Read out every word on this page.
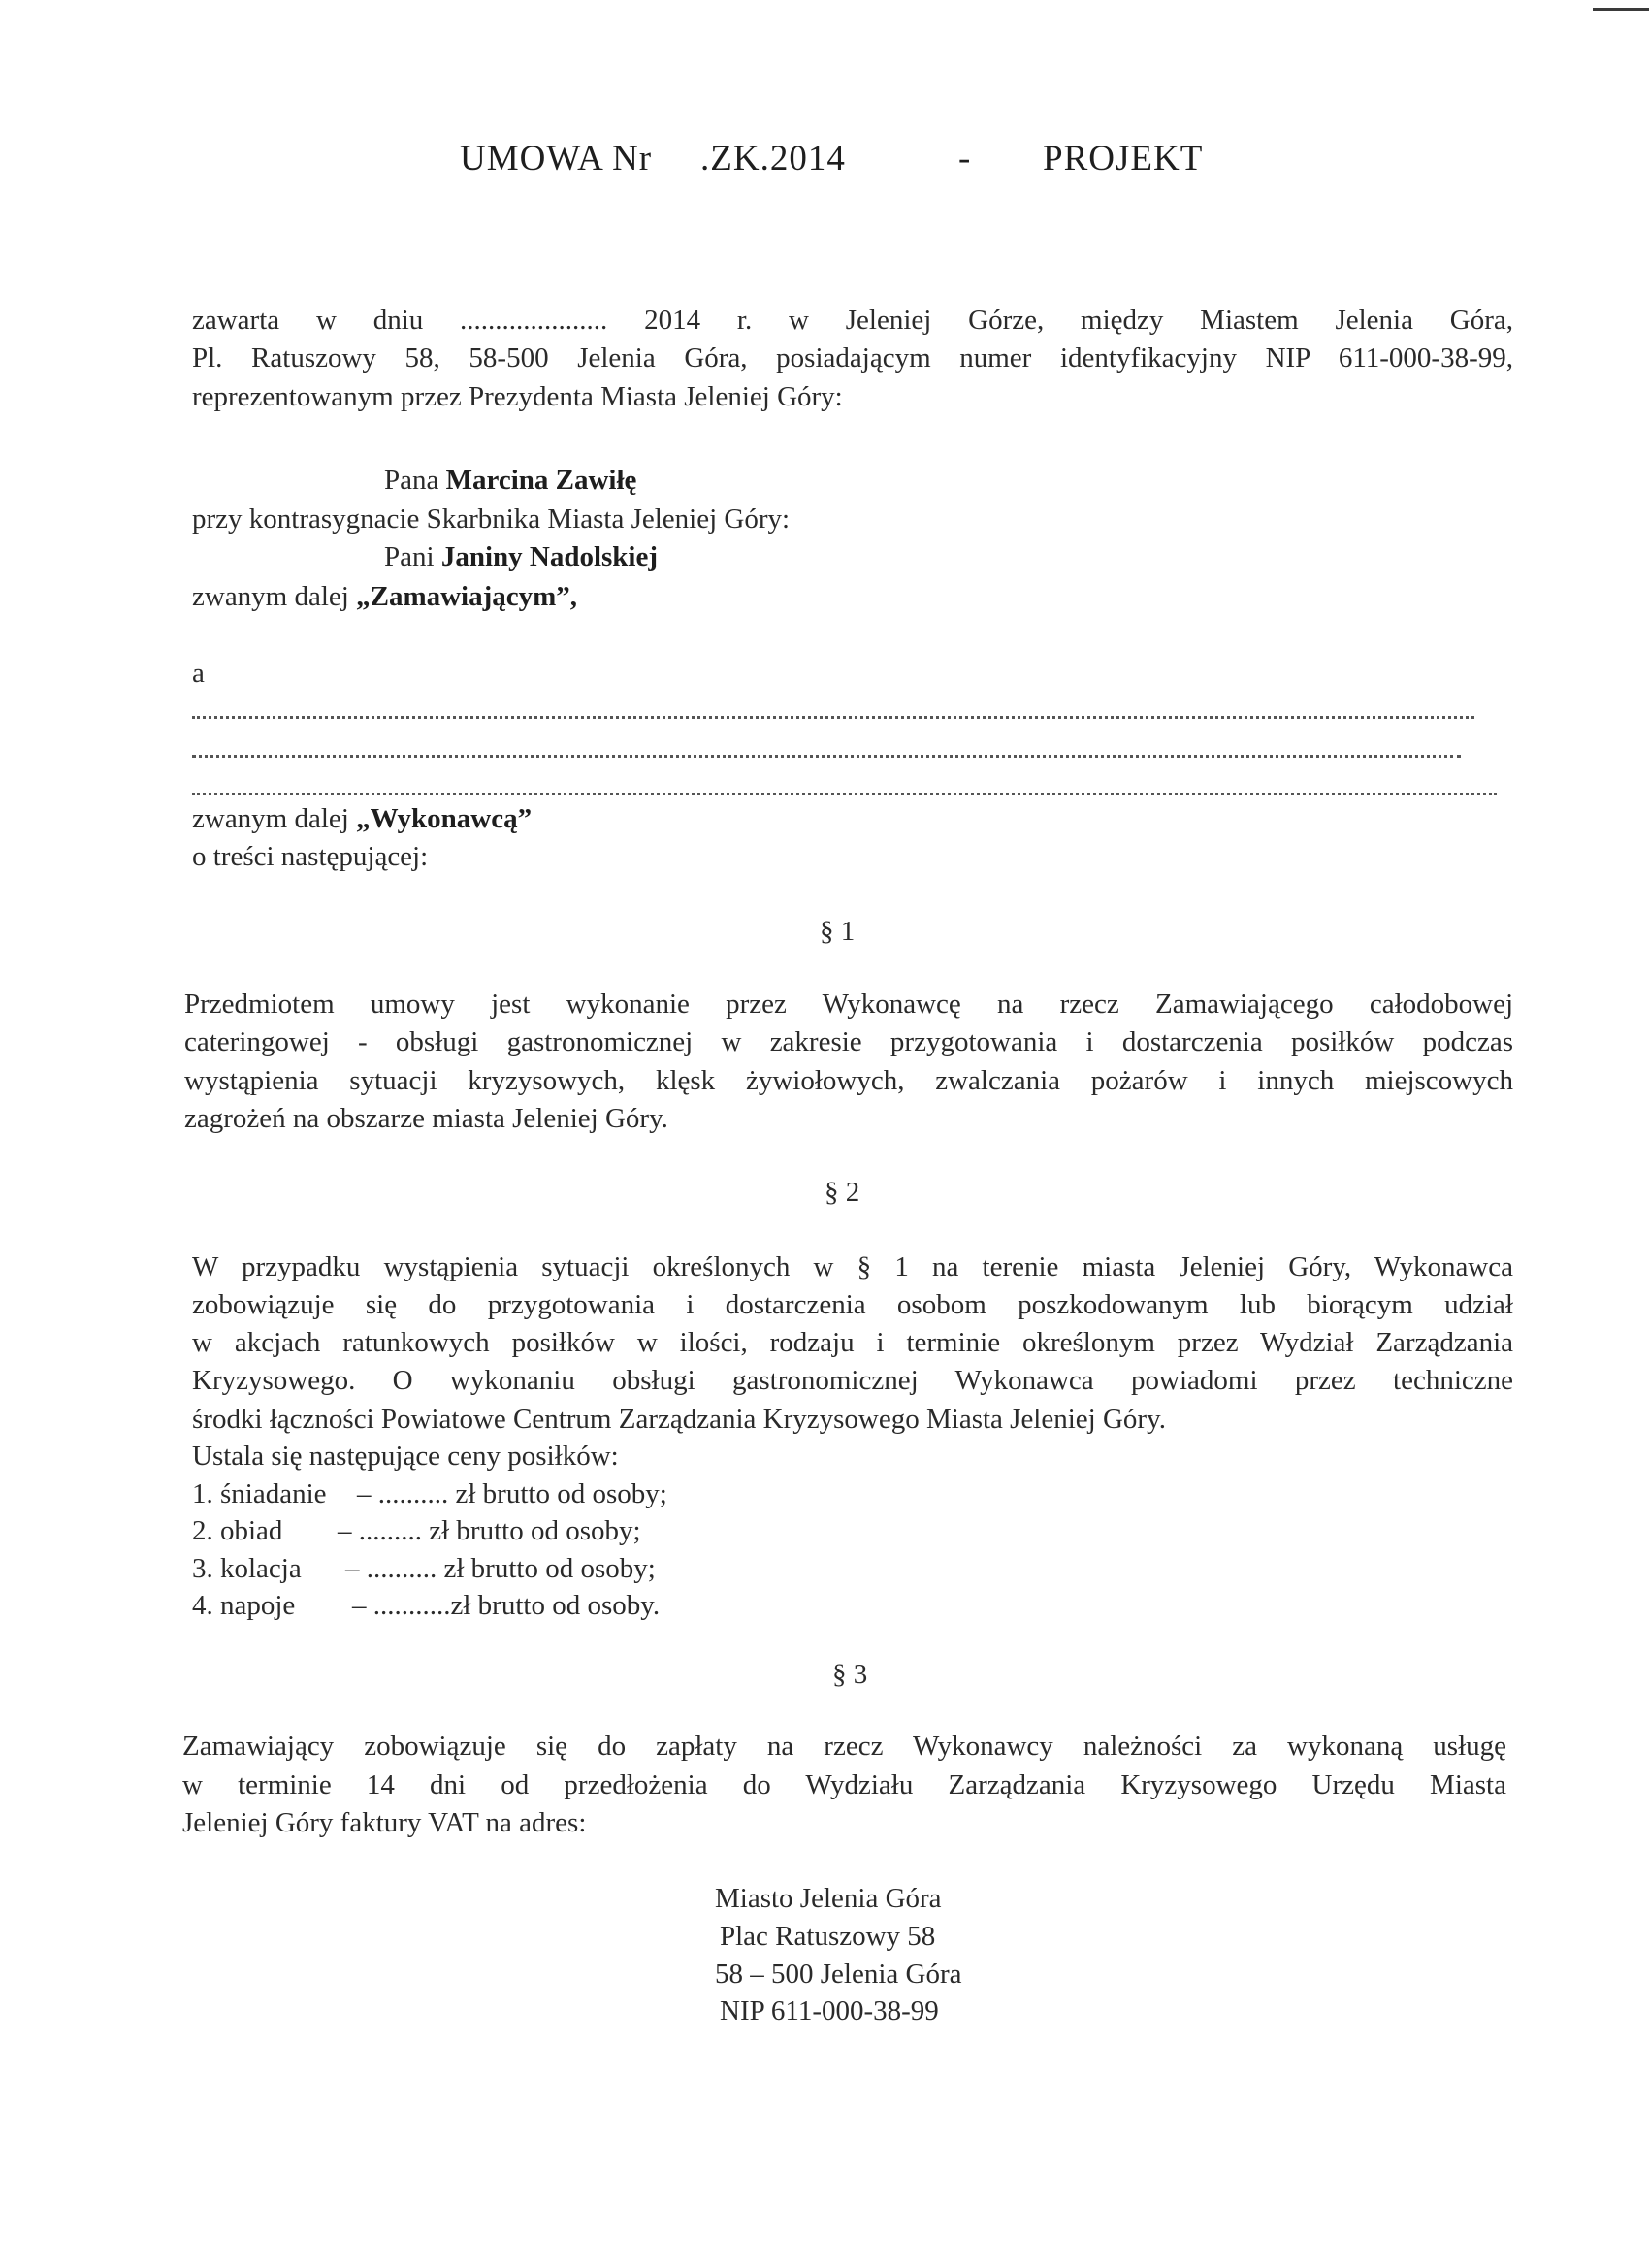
UMOWA Nr .ZK.2014	- PROJEKT
zawarta w dniu ..................... 2014 r. w Jeleniej Górze, między Miastem Jelenia Góra,
Pl. Ratuszowy 58, 58-500 Jelenia Góra, posiadającym numer identyfikacyjny NIP 611-000-38-99,
reprezentowanym przez Prezydenta Miasta Jeleniej Góry:
Pana Marcina Zawiłę
przy kontrasygnacie Skarbnika Miasta Jeleniej Góry:
Pani Janiny Nadolskiej
zwanym dalej „Zamawiającym”,
a
zwanym dalej „Wykonawcą”
o treści następującej:
§ 1
Przedmiotem umowy jest wykonanie przez Wykonawcę na rzecz Zamawiającego całodobowej
cateringowej - obsługi gastronomicznej w zakresie przygotowania i dostarczenia posiłków podczas
wystąpienia sytuacji kryzysowych, klęsk żywiołowych, zwalczania pożarów i innych miejscowych
zagrożeń na obszarze miasta Jeleniej Góry.
§ 2
W przypadku wystąpienia sytuacji określonych w § 1 na terenie miasta Jeleniej Góry, Wykonawca
zobowiązuje się do przygotowania i dostarczenia osobom poszkodowanym lub biorącym udział
w akcjach ratunkowych posiłków w ilości, rodzaju i terminie określonym przez Wydział Zarządzania
Kryzysowego. O wykonaniu obsługi gastronomicznej Wykonawca powiadomi przez techniczne
środki łączności Powiatowe Centrum Zarządzania Kryzysowego Miasta Jeleniej Góry.
Ustala się następujące ceny posiłków:
1. śniadanie – .......... zł brutto od osoby;
2. obiad – ......... zł brutto od osoby;
3. kolacja – .......... zł brutto od osoby;
4. napoje – ...........zł brutto od osoby.
§ 3
Zamawiający zobowiązuje się do zapłaty na rzecz Wykonawcy należności za wykonaną usługę
w terminie 14 dni od przedłożenia do Wydziału Zarządzania Kryzysowego Urzędu Miasta
Jeleniej Góry faktury VAT na adres:
Miasto Jelenia Góra
Plac Ratuszowy 58
58 – 500 Jelenia Góra
NIP 611-000-38-99
